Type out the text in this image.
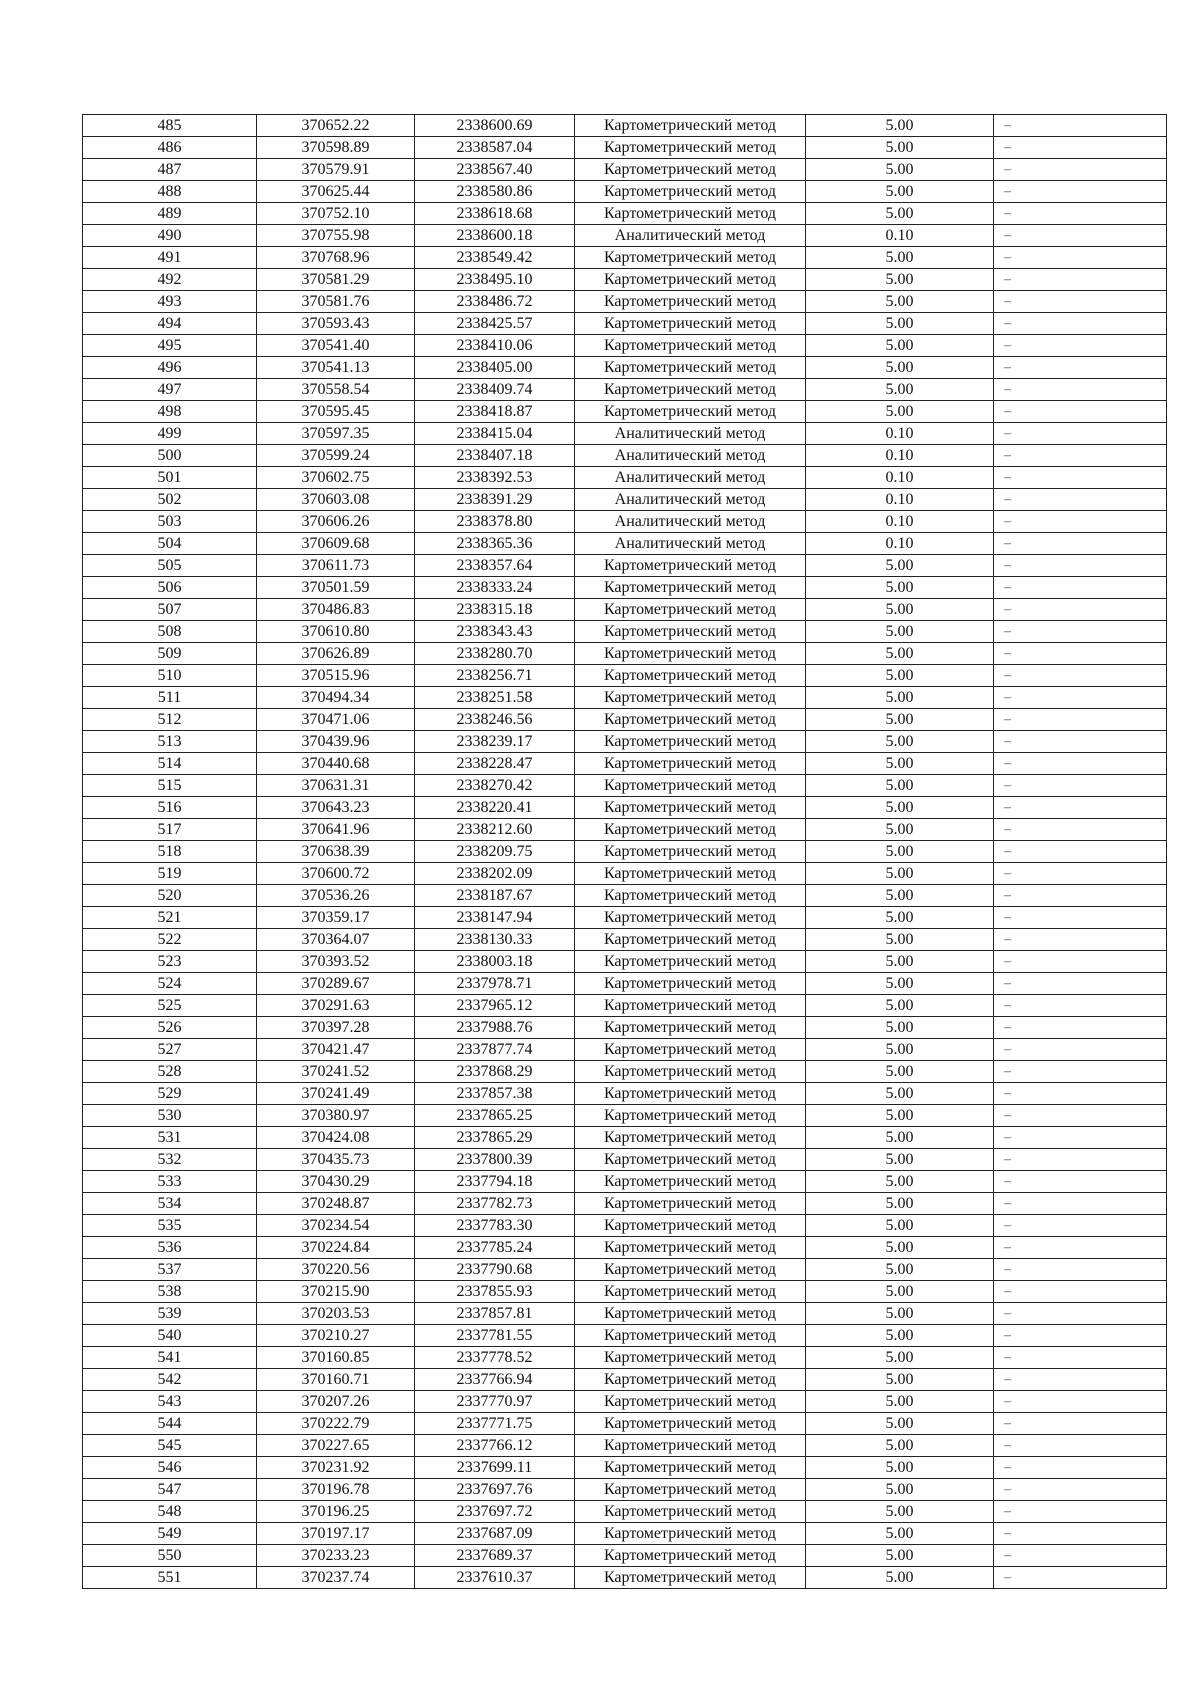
485	370652.22	2338600.69	Картометрический метод	5.00	–
486	370598.89	2338587.04	Картометрический метод	5.00	–
487	370579.91	2338567.40	Картометрический метод	5.00	–
488	370625.44	2338580.86	Картометрический метод	5.00	–
489	370752.10	2338618.68	Картометрический метод	5.00	–
490	370755.98	2338600.18	Аналитический метод	0.10	–
491	370768.96	2338549.42	Картометрический метод	5.00	–
492	370581.29	2338495.10	Картометрический метод	5.00	–
493	370581.76	2338486.72	Картометрический метод	5.00	–
494	370593.43	2338425.57	Картометрический метод	5.00	–
495	370541.40	2338410.06	Картометрический метод	5.00	–
496	370541.13	2338405.00	Картометрический метод	5.00	–
497	370558.54	2338409.74	Картометрический метод	5.00	–
498	370595.45	2338418.87	Картометрический метод	5.00	–
499	370597.35	2338415.04	Аналитический метод	0.10	–
500	370599.24	2338407.18	Аналитический метод	0.10	–
501	370602.75	2338392.53	Аналитический метод	0.10	–
502	370603.08	2338391.29	Аналитический метод	0.10	–
503	370606.26	2338378.80	Аналитический метод	0.10	–
504	370609.68	2338365.36	Аналитический метод	0.10	–
505	370611.73	2338357.64	Картометрический метод	5.00	–
506	370501.59	2338333.24	Картометрический метод	5.00	–
507	370486.83	2338315.18	Картометрический метод	5.00	–
508	370610.80	2338343.43	Картометрический метод	5.00	–
509	370626.89	2338280.70	Картометрический метод	5.00	–
510	370515.96	2338256.71	Картометрический метод	5.00	–
511	370494.34	2338251.58	Картометрический метод	5.00	–
512	370471.06	2338246.56	Картометрический метод	5.00	–
513	370439.96	2338239.17	Картометрический метод	5.00	–
514	370440.68	2338228.47	Картометрический метод	5.00	–
515	370631.31	2338270.42	Картометрический метод	5.00	–
516	370643.23	2338220.41	Картометрический метод	5.00	–
517	370641.96	2338212.60	Картометрический метод	5.00	–
518	370638.39	2338209.75	Картометрический метод	5.00	–
519	370600.72	2338202.09	Картометрический метод	5.00	–
520	370536.26	2338187.67	Картометрический метод	5.00	–
521	370359.17	2338147.94	Картометрический метод	5.00	–
522	370364.07	2338130.33	Картометрический метод	5.00	–
523	370393.52	2338003.18	Картометрический метод	5.00	–
524	370289.67	2337978.71	Картометрический метод	5.00	–
525	370291.63	2337965.12	Картометрический метод	5.00	–
526	370397.28	2337988.76	Картометрический метод	5.00	–
527	370421.47	2337877.74	Картометрический метод	5.00	–
528	370241.52	2337868.29	Картометрический метод	5.00	–
529	370241.49	2337857.38	Картометрический метод	5.00	–
530	370380.97	2337865.25	Картометрический метод	5.00	–
531	370424.08	2337865.29	Картометрический метод	5.00	–
532	370435.73	2337800.39	Картометрический метод	5.00	–
533	370430.29	2337794.18	Картометрический метод	5.00	–
534	370248.87	2337782.73	Картометрический метод	5.00	–
535	370234.54	2337783.30	Картометрический метод	5.00	–
536	370224.84	2337785.24	Картометрический метод	5.00	–
537	370220.56	2337790.68	Картометрический метод	5.00	–
538	370215.90	2337855.93	Картометрический метод	5.00	–
539	370203.53	2337857.81	Картометрический метод	5.00	–
540	370210.27	2337781.55	Картометрический метод	5.00	–
541	370160.85	2337778.52	Картометрический метод	5.00	–
542	370160.71	2337766.94	Картометрический метод	5.00	–
543	370207.26	2337770.97	Картометрический метод	5.00	–
544	370222.79	2337771.75	Картометрический метод	5.00	–
545	370227.65	2337766.12	Картометрический метод	5.00	–
546	370231.92	2337699.11	Картометрический метод	5.00	–
547	370196.78	2337697.76	Картометрический метод	5.00	–
548	370196.25	2337697.72	Картометрический метод	5.00	–
549	370197.17	2337687.09	Картометрический метод	5.00	–
550	370233.23	2337689.37	Картометрический метод	5.00	–
551	370237.74	2337610.37	Картометрический метод	5.00	–
